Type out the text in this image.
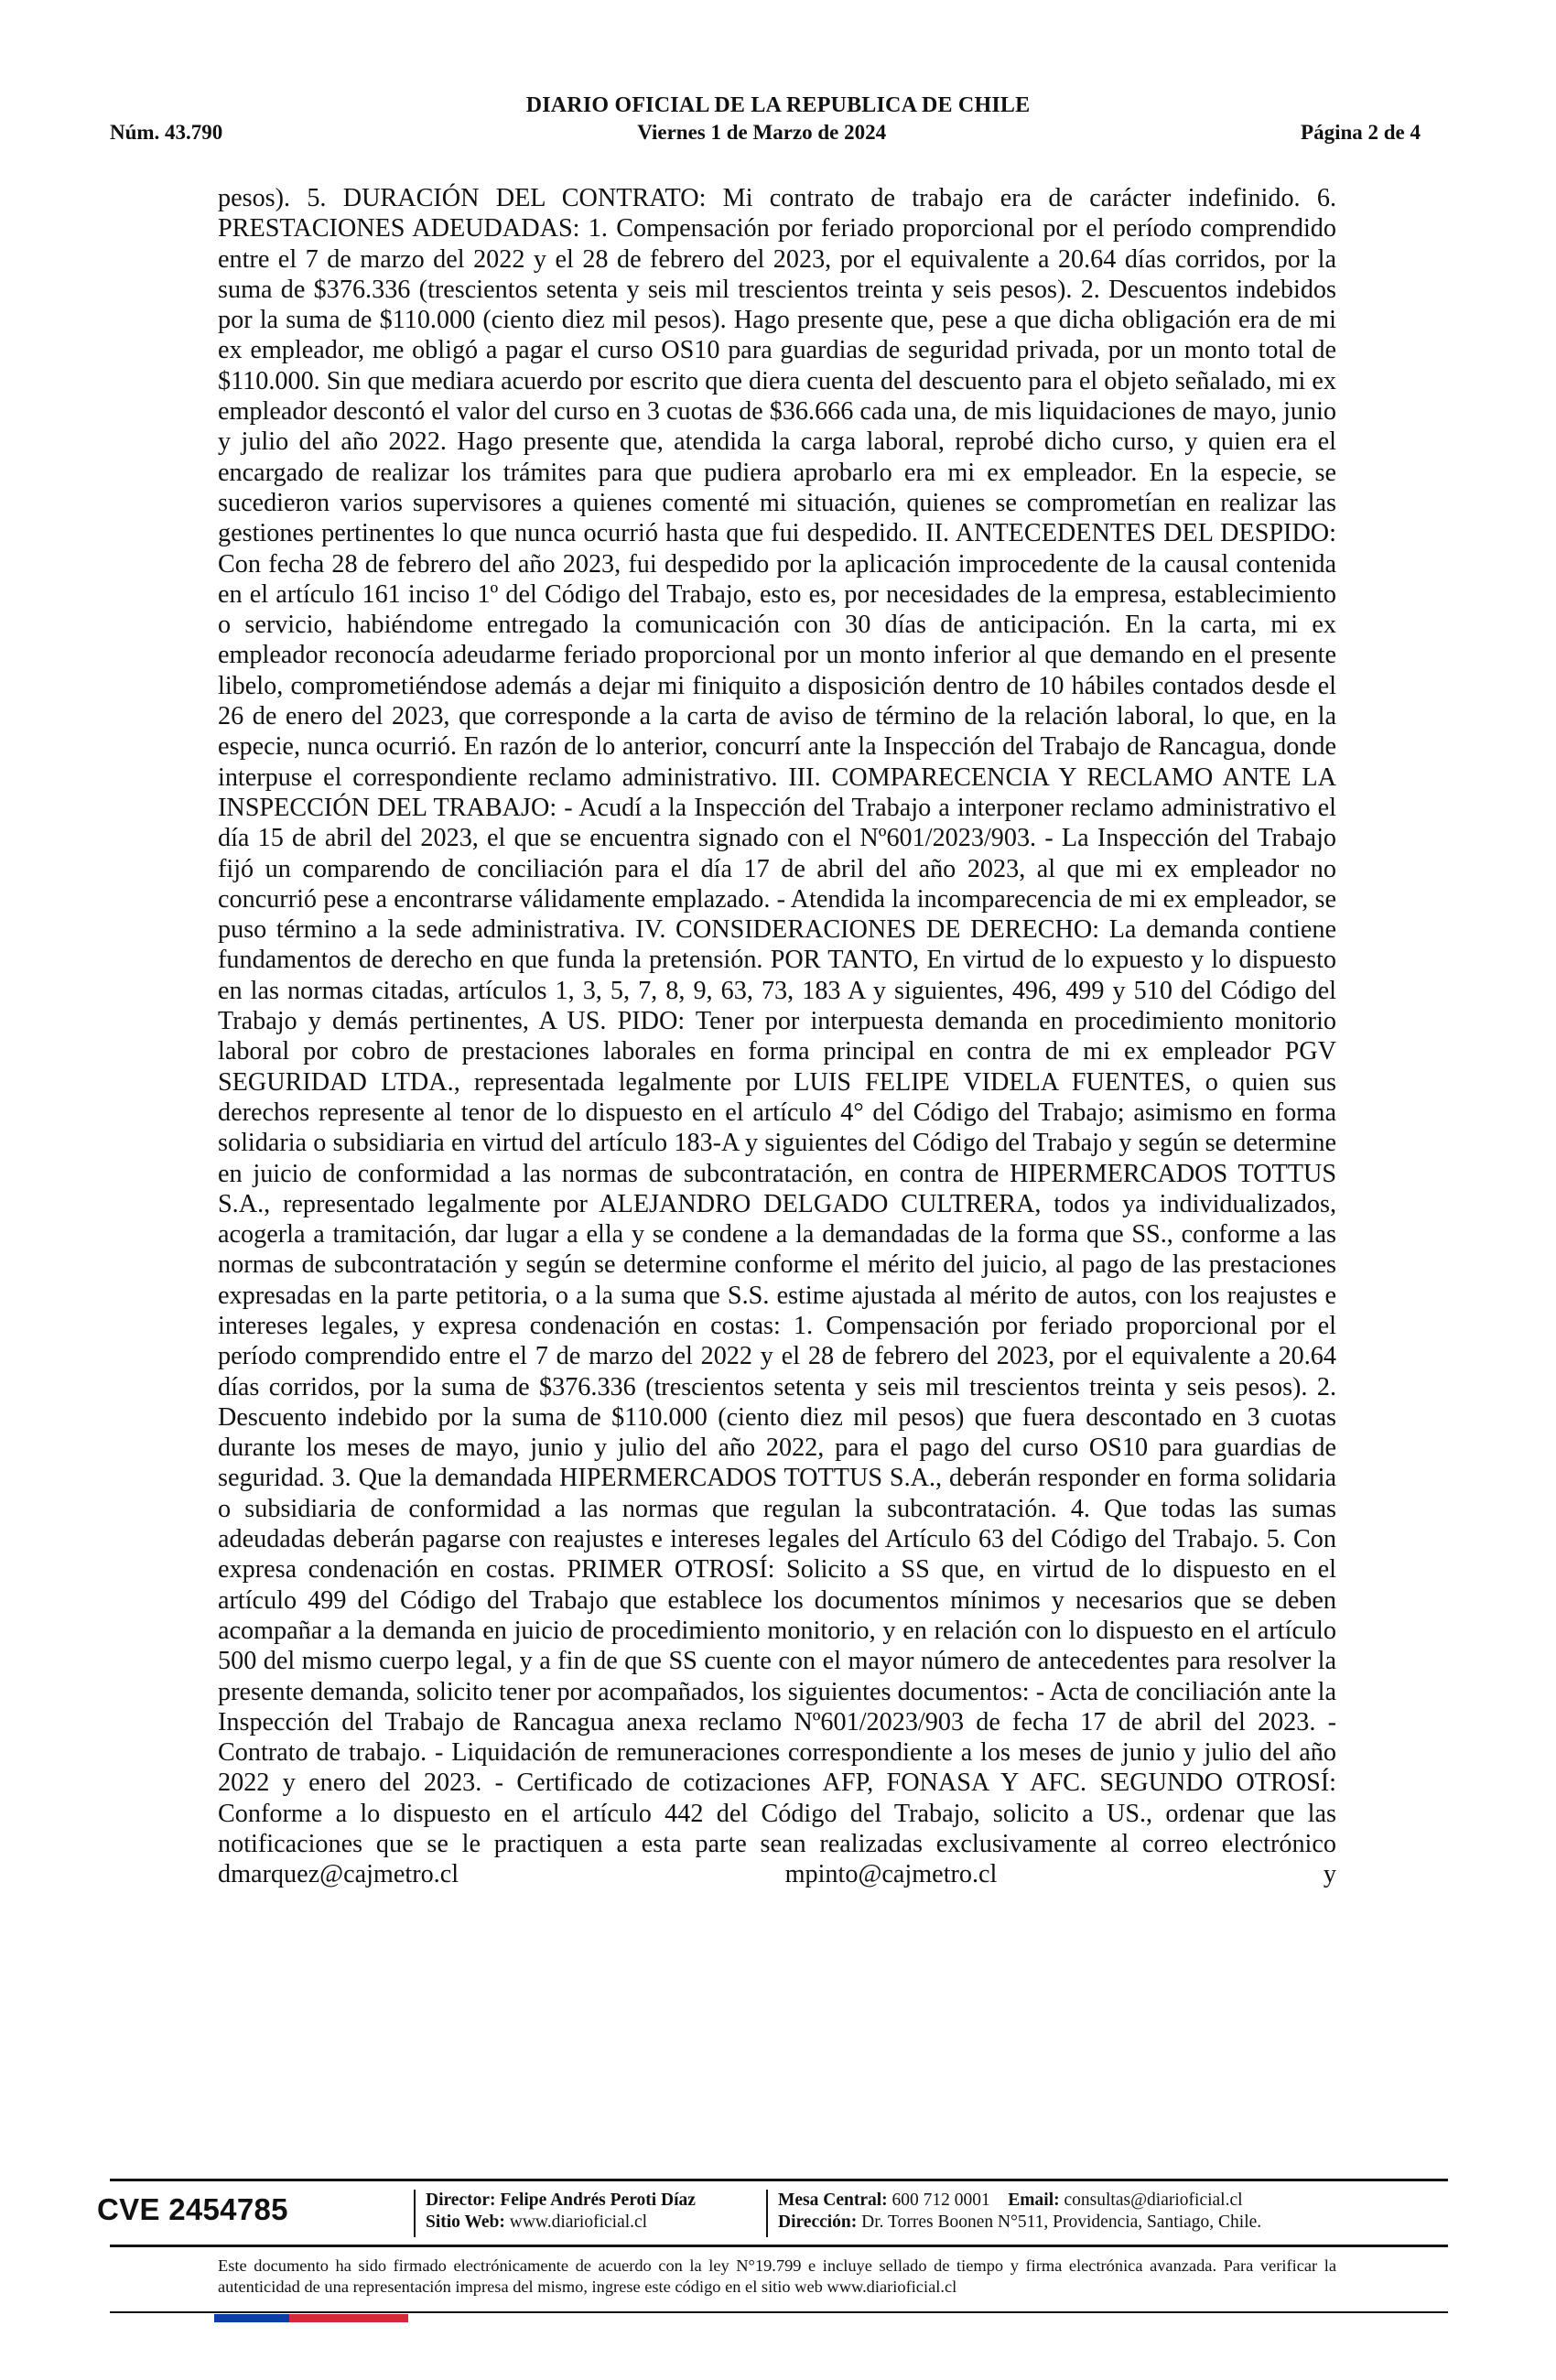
DIARIO OFICIAL DE LA REPUBLICA DE CHILE
Núm. 43.790	Viernes 1 de Marzo de 2024	Página 2 de 4

pesos). 5. DURACIÓN DEL CONTRATO: Mi contrato de trabajo era de carácter indefinido. 6. PRESTACIONES ADEUDADAS: 1. Compensación por feriado proporcional por el período comprendido entre el 7 de marzo del 2022 y el 28 de febrero del 2023, por el equivalente a 20.64 días corridos, por la suma de $376.336 (trescientos setenta y seis mil trescientos treinta y seis pesos). 2. Descuentos indebidos por la suma de $110.000 (ciento diez mil pesos). Hago presente que, pese a que dicha obligación era de mi ex empleador, me obligó a pagar el curso OS10 para guardias de seguridad privada, por un monto total de $110.000. Sin que mediara acuerdo por escrito que diera cuenta del descuento para el objeto señalado, mi ex empleador descontó el valor del curso en 3 cuotas de $36.666 cada una, de mis liquidaciones de mayo, junio y julio del año 2022. Hago presente que, atendida la carga laboral, reprobé dicho curso, y quien era el encargado de realizar los trámites para que pudiera aprobarlo era mi ex empleador. En la especie, se sucedieron varios supervisores a quienes comenté mi situación, quienes se comprometían en realizar las gestiones pertinentes lo que nunca ocurrió hasta que fui despedido. II. ANTECEDENTES DEL DESPIDO: Con fecha 28 de febrero del año 2023, fui despedido por la aplicación improcedente de la causal contenida en el artículo 161 inciso 1º del Código del Trabajo, esto es, por necesidades de la empresa, establecimiento o servicio, habiéndome entregado la comunicación con 30 días de anticipación. En la carta, mi ex empleador reconocía adeudarme feriado proporcional por un monto inferior al que demando en el presente libelo, comprometiéndose además a dejar mi finiquito a disposición dentro de 10 hábiles contados desde el 26 de enero del 2023, que corresponde a la carta de aviso de término de la relación laboral, lo que, en la especie, nunca ocurrió. En razón de lo anterior, concurrí ante la Inspección del Trabajo de Rancagua, donde interpuse el correspondiente reclamo administrativo. III. COMPARECENCIA Y RECLAMO ANTE LA INSPECCIÓN DEL TRABAJO: - Acudí a la Inspección del Trabajo a interponer reclamo administrativo el día 15 de abril del 2023, el que se encuentra signado con el Nº601/2023/903. - La Inspección del Trabajo fijó un comparendo de conciliación para el día 17 de abril del año 2023, al que mi ex empleador no concurrió pese a encontrarse válidamente emplazado. - Atendida la incomparecencia de mi ex empleador, se puso término a la sede administrativa. IV. CONSIDERACIONES DE DERECHO: La demanda contiene fundamentos de derecho en que funda la pretensión. POR TANTO, En virtud de lo expuesto y lo dispuesto en las normas citadas, artículos 1, 3, 5, 7, 8, 9, 63, 73, 183 A y siguientes, 496, 499 y 510 del Código del Trabajo y demás pertinentes, A US. PIDO: Tener por interpuesta demanda en procedimiento monitorio laboral por cobro de prestaciones laborales en forma principal en contra de mi ex empleador PGV SEGURIDAD LTDA., representada legalmente por LUIS FELIPE VIDELA FUENTES, o quien sus derechos represente al tenor de lo dispuesto en el artículo 4° del Código del Trabajo; asimismo en forma solidaria o subsidiaria en virtud del artículo 183-A y siguientes del Código del Trabajo y según se determine en juicio de conformidad a las normas de subcontratación, en contra de HIPERMERCADOS TOTTUS S.A., representado legalmente por ALEJANDRO DELGADO CULTRERA, todos ya individualizados, acogerla a tramitación, dar lugar a ella y se condene a la demandadas de la forma que SS., conforme a las normas de subcontratación y según se determine conforme el mérito del juicio, al pago de las prestaciones expresadas en la parte petitoria, o a la suma que S.S. estime ajustada al mérito de autos, con los reajustes e intereses legales, y expresa condenación en costas: 1. Compensación por feriado proporcional por el período comprendido entre el 7 de marzo del 2022 y el 28 de febrero del 2023, por el equivalente a 20.64 días corridos, por la suma de $376.336 (trescientos setenta y seis mil trescientos treinta y seis pesos). 2. Descuento indebido por la suma de $110.000 (ciento diez mil pesos) que fuera descontado en 3 cuotas durante los meses de mayo, junio y julio del año 2022, para el pago del curso OS10 para guardias de seguridad. 3. Que la demandada HIPERMERCADOS TOTTUS S.A., deberán responder en forma solidaria o subsidiaria de conformidad a las normas que regulan la subcontratación. 4. Que todas las sumas adeudadas deberán pagarse con reajustes e intereses legales del Artículo 63 del Código del Trabajo. 5. Con expresa condenación en costas. PRIMER OTROSÍ: Solicito a SS que, en virtud de lo dispuesto en el artículo 499 del Código del Trabajo que establece los documentos mínimos y necesarios que se deben acompañar a la demanda en juicio de procedimiento monitorio, y en relación con lo dispuesto en el artículo 500 del mismo cuerpo legal, y a fin de que SS cuente con el mayor número de antecedentes para resolver la presente demanda, solicito tener por acompañados, los siguientes documentos: - Acta de conciliación ante la Inspección del Trabajo de Rancagua anexa reclamo Nº601/2023/903 de fecha 17 de abril del 2023. - Contrato de trabajo. - Liquidación de remuneraciones correspondiente a los meses de junio y julio del año 2022 y enero del 2023. - Certificado de cotizaciones AFP, FONASA Y AFC. SEGUNDO OTROSÍ: Conforme a lo dispuesto en el artículo 442 del Código del Trabajo, solicito a US., ordenar que las notificaciones que se le practiquen a esta parte sean realizadas exclusivamente al correo electrónico dmarquez@cajmetro.cl mpinto@cajmetro.cl y

CVE 2454785	Director: Felipe Andrés Peroti Díaz
Sitio Web: www.diarioficial.cl
Mesa Central: 600 712 0001 Email: consultas@diarioficial.cl
Dirección: Dr. Torres Boonen N°511, Providencia, Santiago, Chile.
Este documento ha sido firmado electrónicamente de acuerdo con la ley N°19.799 e incluye sellado de tiempo y firma electrónica avanzada. Para verificar la autenticidad de una representación impresa del mismo, ingrese este código en el sitio web www.diarioficial.cl
